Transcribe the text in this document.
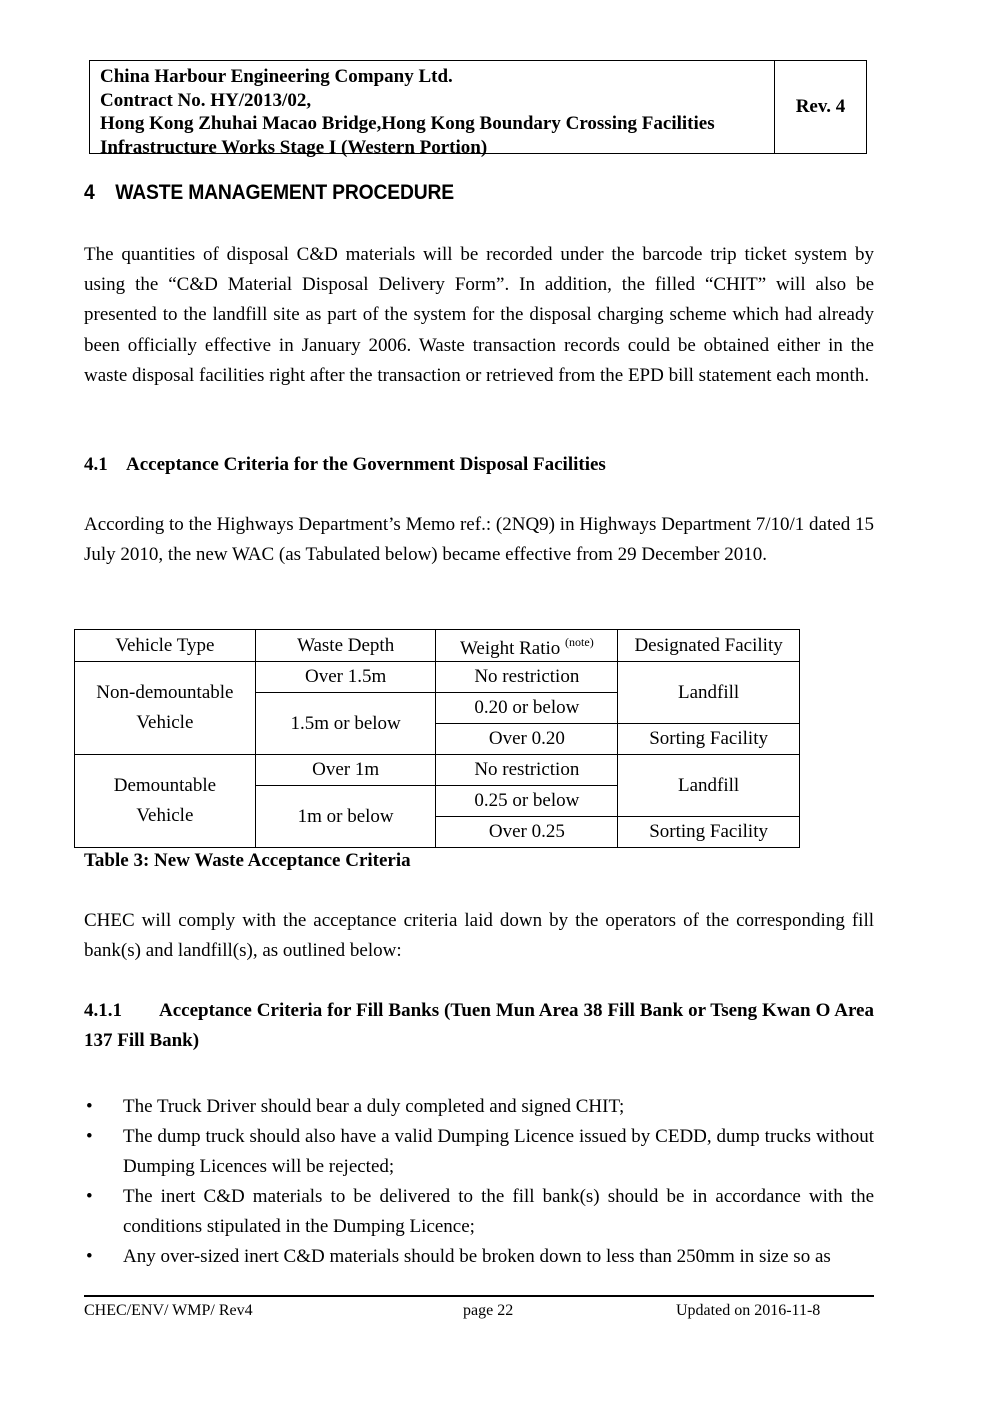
China Harbour Engineering Company Ltd.
Contract No. HY/2013/02,
Hong Kong Zhuhai Macao Bridge,Hong Kong Boundary Crossing Facilities
Infrastructure Works Stage I (Western Portion)
Rev. 4
4 WASTE MANAGEMENT PROCEDURE

The quantities of disposal C&D materials will be recorded under the barcode trip ticket system by using the “C&D Material Disposal Delivery Form”. In addition, the filled “CHIT” will also be presented to the landfill site as part of the system for the disposal charging scheme which had already been officially effective in January 2006. Waste transaction records could be obtained either in the waste disposal facilities right after the transaction or retrieved from the EPD bill statement each month.

4.1 Acceptance Criteria for the Government Disposal Facilities

According to the Highways Department’s Memo ref.: (2NQ9) in Highways Department 7/10/1 dated 15 July 2010, the new WAC (as Tabulated below) became effective from 29 December 2010.

Vehicle Type	Waste Depth	Weight Ratio $^{(note)}$	Designated Facility

Non-demountable
Vehicle	Over 1.5m	No restriction	Landfill
	1.5m or below	0.20 or below	
		Over 0.20	Sorting Facility

Demountable
Vehicle	Over 1m	No restriction	Landfill
	1m or below	0.25 or below	
		Over 0.25	Sorting Facility

Table 3: New Waste Acceptance Criteria

CHEC will comply with the acceptance criteria laid down by the operators of the corresponding fill bank(s) and landfill(s), as outlined below:

4.1.1 Acceptance Criteria for Fill Banks (Tuen Mun Area 38 Fill Bank or Tseng Kwan O Area 137 Fill Bank)
• The Truck Driver should bear a duly completed and signed CHIT;
• The dump truck should also have a valid Dumping Licence issued by CEDD, dump trucks without Dumping Licences will be rejected;
• The inert C&D materials to be delivered to the fill bank(s) should be in accordance with the conditions stipulated in the Dumping Licence;
• Any over-sized inert C&D materials should be broken down to less than 250mm in size so as

CHEC/ENV/ WMP/ Rev4	page 22	Updated on 2016-11-8
